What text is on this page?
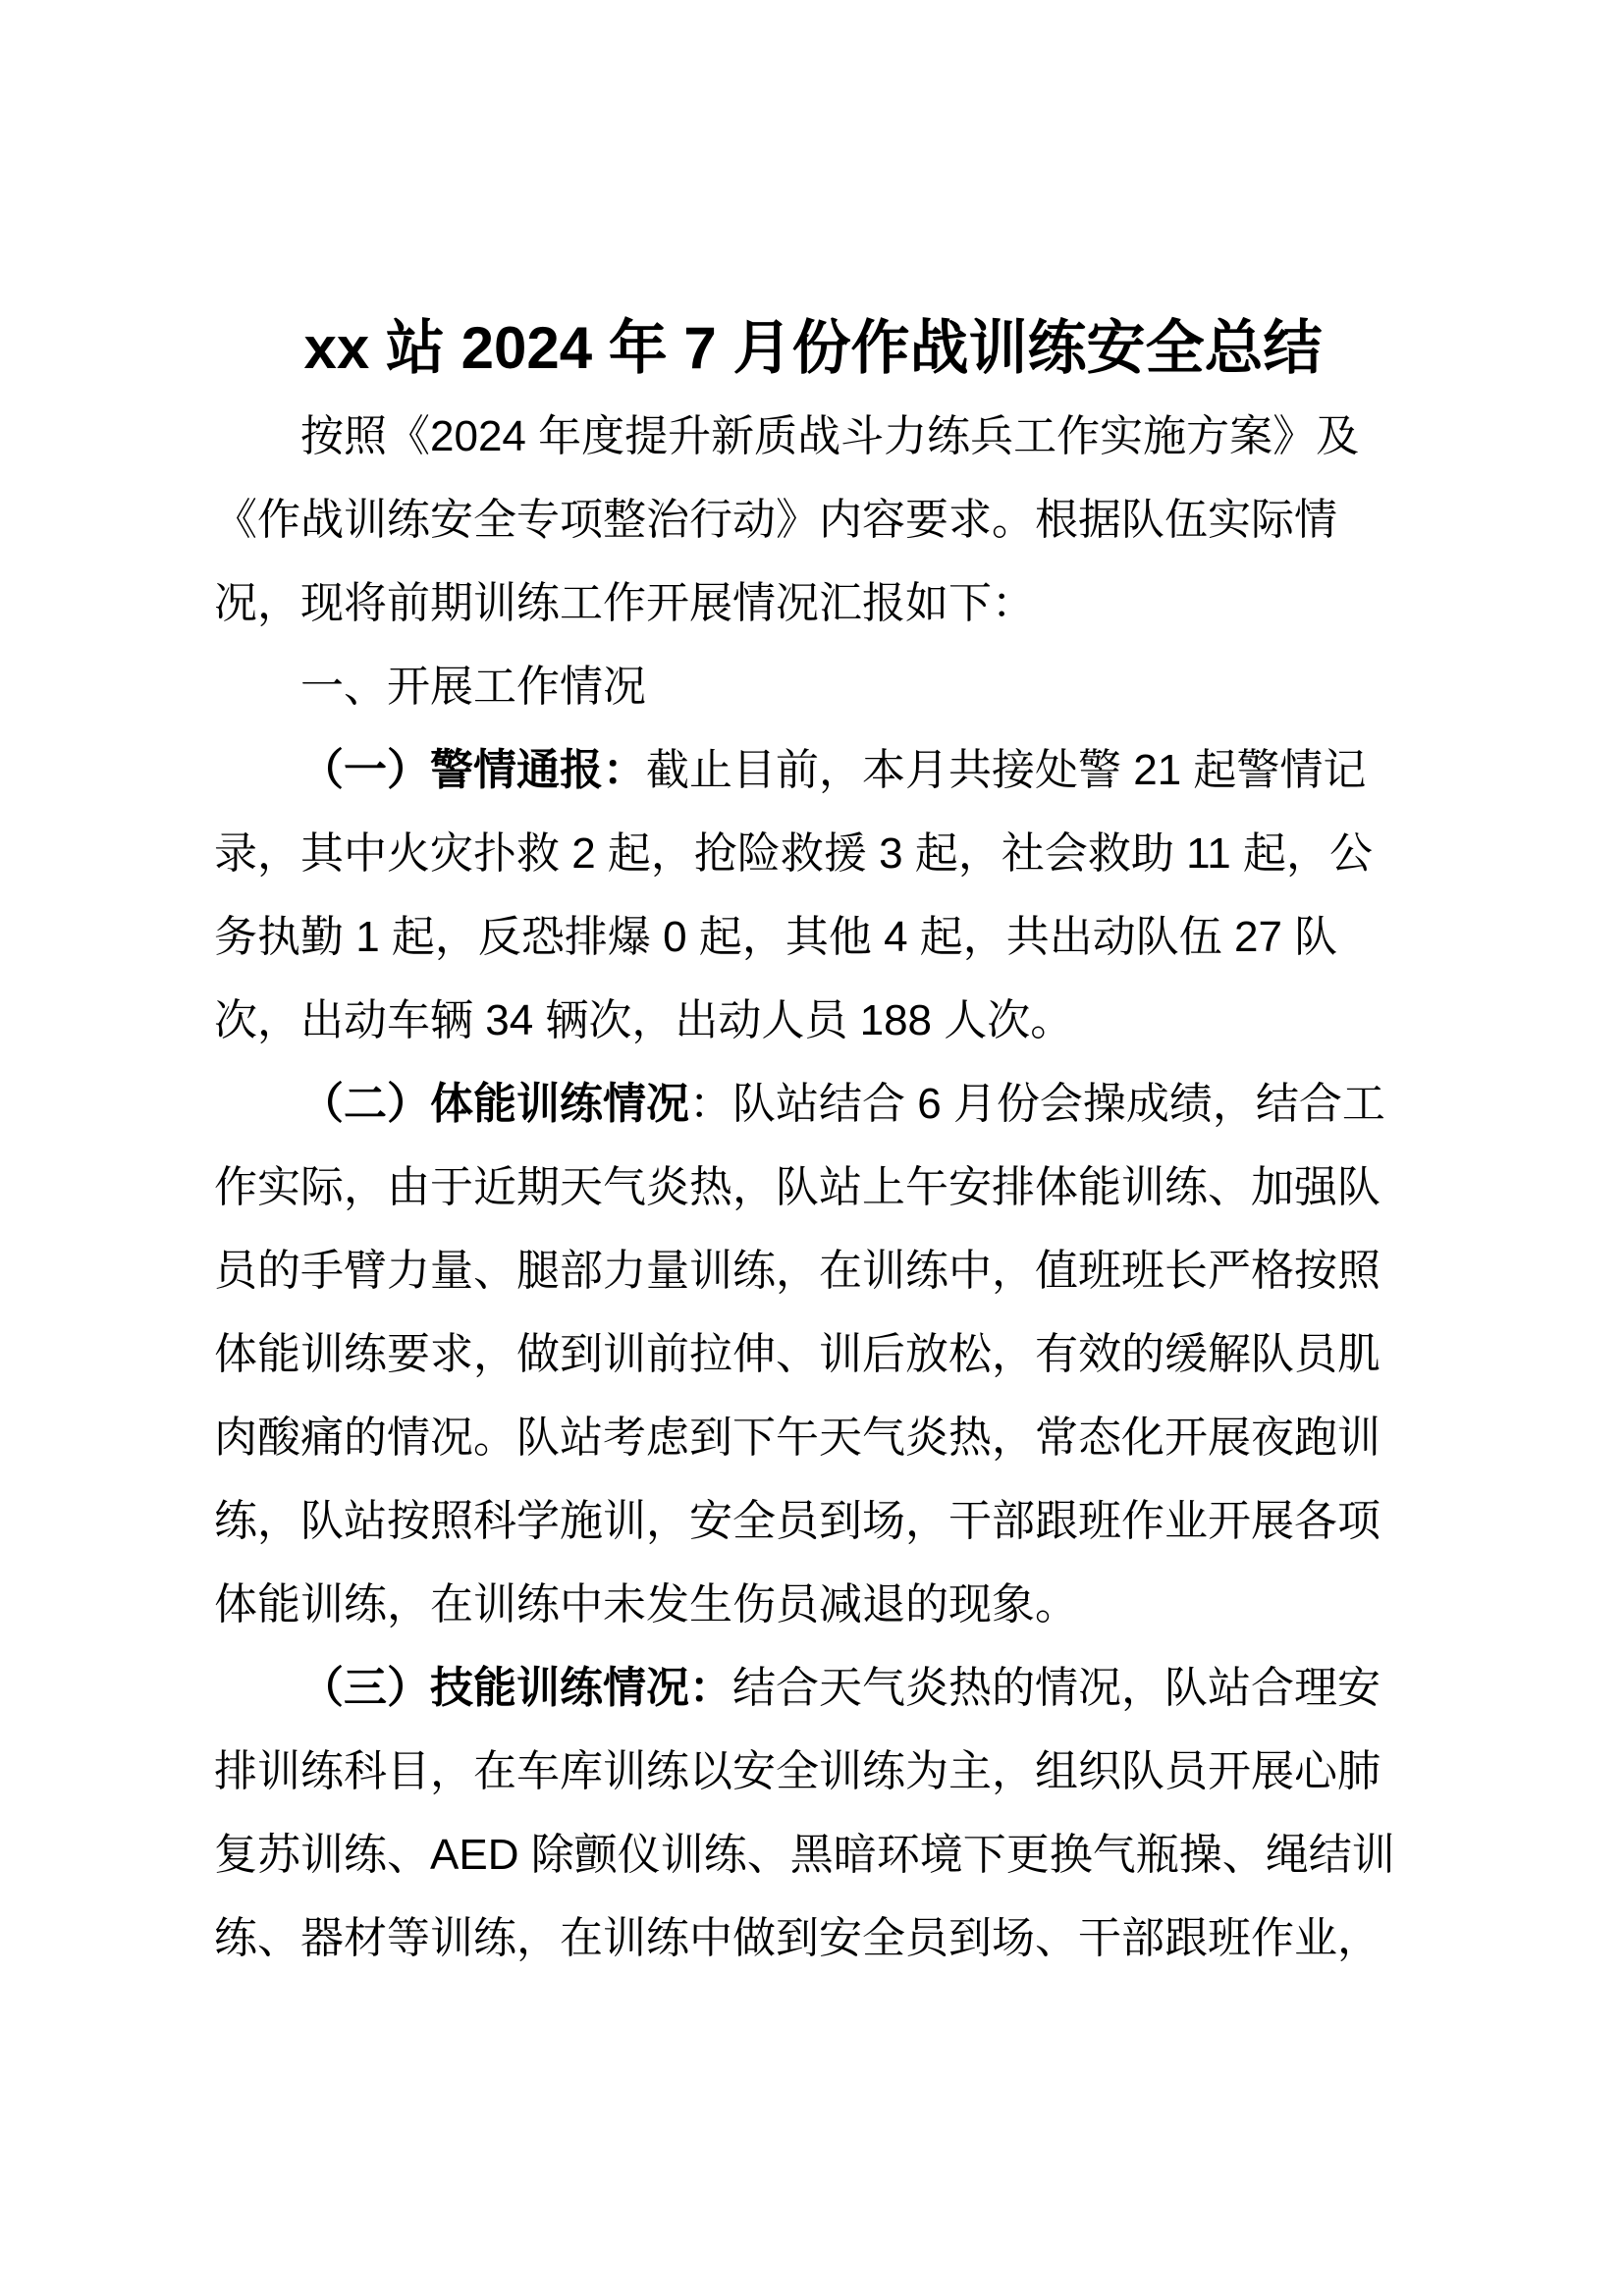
xx 站 2024 年 7 月份作战训练安全总结

按照《2024 年度提升新质战斗力练兵工作实施方案》及《作战训练安全专项整治行动》内容要求。根据队伍实际情况，现将前期训练工作开展情况汇报如下：

一、开展工作情况

（一）警情通报：截止目前，本月共接处警 21 起警情记录，其中火灾扑救 2 起，抢险救援 3 起，社会救助 11 起，公务执勤 1 起，反恐排爆 0 起，其他 4 起，共出动队伍 27 队次，出动车辆 34 辆次，出动人员 188 人次。

（二）体能训练情况：队站结合 6 月份会操成绩，结合工作实际，由于近期天气炎热，队站上午安排体能训练、加强队员的手臂力量、腿部力量训练，在训练中，值班班长严格按照体能训练要求，做到训前拉伸、训后放松，有效的缓解队员肌肉酸痛的情况。队站考虑到下午天气炎热，常态化开展夜跑训练，队站按照科学施训，安全员到场，干部跟班作业开展各项体能训练，在训练中未发生伤员减退的现象。

（三）技能训练情况：结合天气炎热的情况，队站合理安排训练科目，在车库训练以安全训练为主，组织队员开展心肺复苏训练、AED 除颤仪训练、黑暗环境下更换气瓶操、绳结训练、器材等训练，在训练中做到安全员到场、干部跟班作业，
